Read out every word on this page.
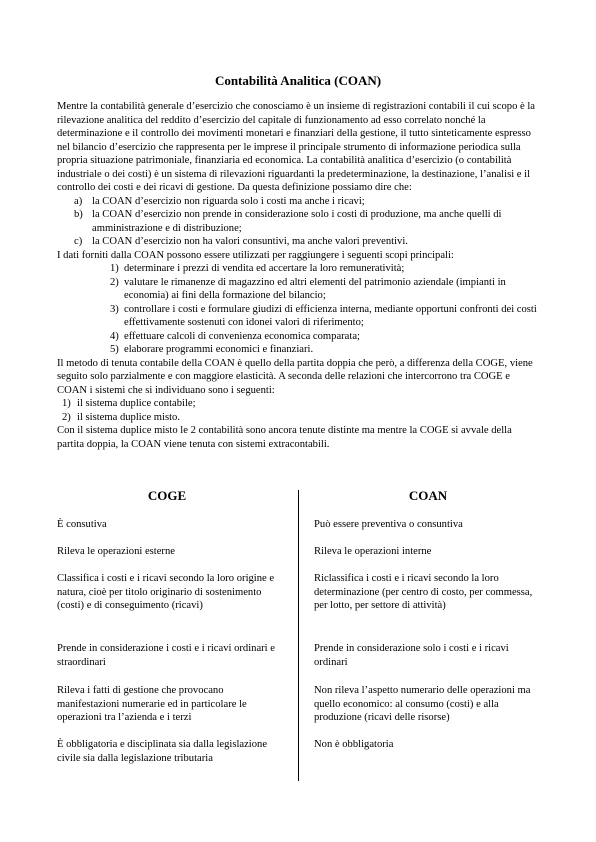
Contabilità Analitica (COAN)

Mentre la contabilità generale d’esercizio che conosciamo è un insieme di registrazioni contabili il cui scopo è la rilevazione analitica del reddito d’esercizio del capitale di funzionamento ad esso correlato nonché la determinazione e il controllo dei movimenti monetari e finanziari della gestione, il tutto sinteticamente espresso nel bilancio d’esercizio che rappresenta per le imprese il principale strumento di informazione periodica sulla propria situazione patrimoniale, finanziaria ed economica. La contabilità analitica d’esercizio (o contabilità industriale o dei costi) è un sistema di rilevazioni riguardanti la predeterminazione, la destinazione, l’analisi e il controllo dei costi e dei ricavi di gestione. Da questa definizione possiamo dire che:

a) la COAN d’esercizio non riguarda solo i costi ma anche i ricavi;
b) la COAN d’esercizio non prende in considerazione solo i costi di produzione, ma anche quelli di amministrazione e di distribuzione;
c) la COAN d’esercizio non ha valori consuntivi, ma anche valori preventivi.

I dati forniti dalla COAN possono essere utilizzati per raggiungere i seguenti scopi principali:

1) determinare i prezzi di vendita ed accertare la loro remuneratività;
2) valutare le rimanenze di magazzino ed altri elementi del patrimonio aziendale (impianti in economia) ai fini della formazione del bilancio;
3) controllare i costi e formulare giudizi di efficienza interna, mediante opportuni confronti dei costi effettivamente sostenuti con idonei valori di riferimento;
4) effettuare calcoli di convenienza economica comparata;
5) elaborare programmi economici e finanziari.

Il metodo di tenuta contabile della COAN è quello della partita doppia che però, a differenza della COGE, viene seguito solo parzialmente e con maggiore elasticità. A seconda delle relazioni che intercorrono tra COGE e COAN i sistemi che si individuano sono i seguenti:

1) il sistema duplice contabile;
2) il sistema duplice misto.

Con il sistema duplice misto le 2 contabilità sono ancora tenute distinte ma mentre la COGE si avvale della partita doppia, la COAN viene tenuta con sistemi extracontabili.

COGE
È consutiva
Rileva le operazioni esterne
Classifica i costi e i ricavi secondo la loro origine e natura, cioè per titolo originario di sostenimento (costi) e di conseguimento (ricavi)
Prende in considerazione i costi e i ricavi ordinari e straordinari
Rileva i fatti di gestione che provocano manifestazioni numerarie ed in particolare le operazioni tra l’azienda e i terzi
È obbligatoria e disciplinata sia dalla legislazione civile sia dalla legislazione tributaria
COAN
Può essere preventiva o consuntiva
Rileva le operazioni interne
Riclassifica i costi e i ricavi secondo la loro determinazione (per centro di costo, per commessa, per lotto, per settore di attività)
Prende in considerazione solo i costi e i ricavi ordinari
Non rileva l’aspetto numerario delle operazioni ma quello economico: al consumo (costi) e alla produzione (ricavi delle risorse)
Non è obbligatoria
